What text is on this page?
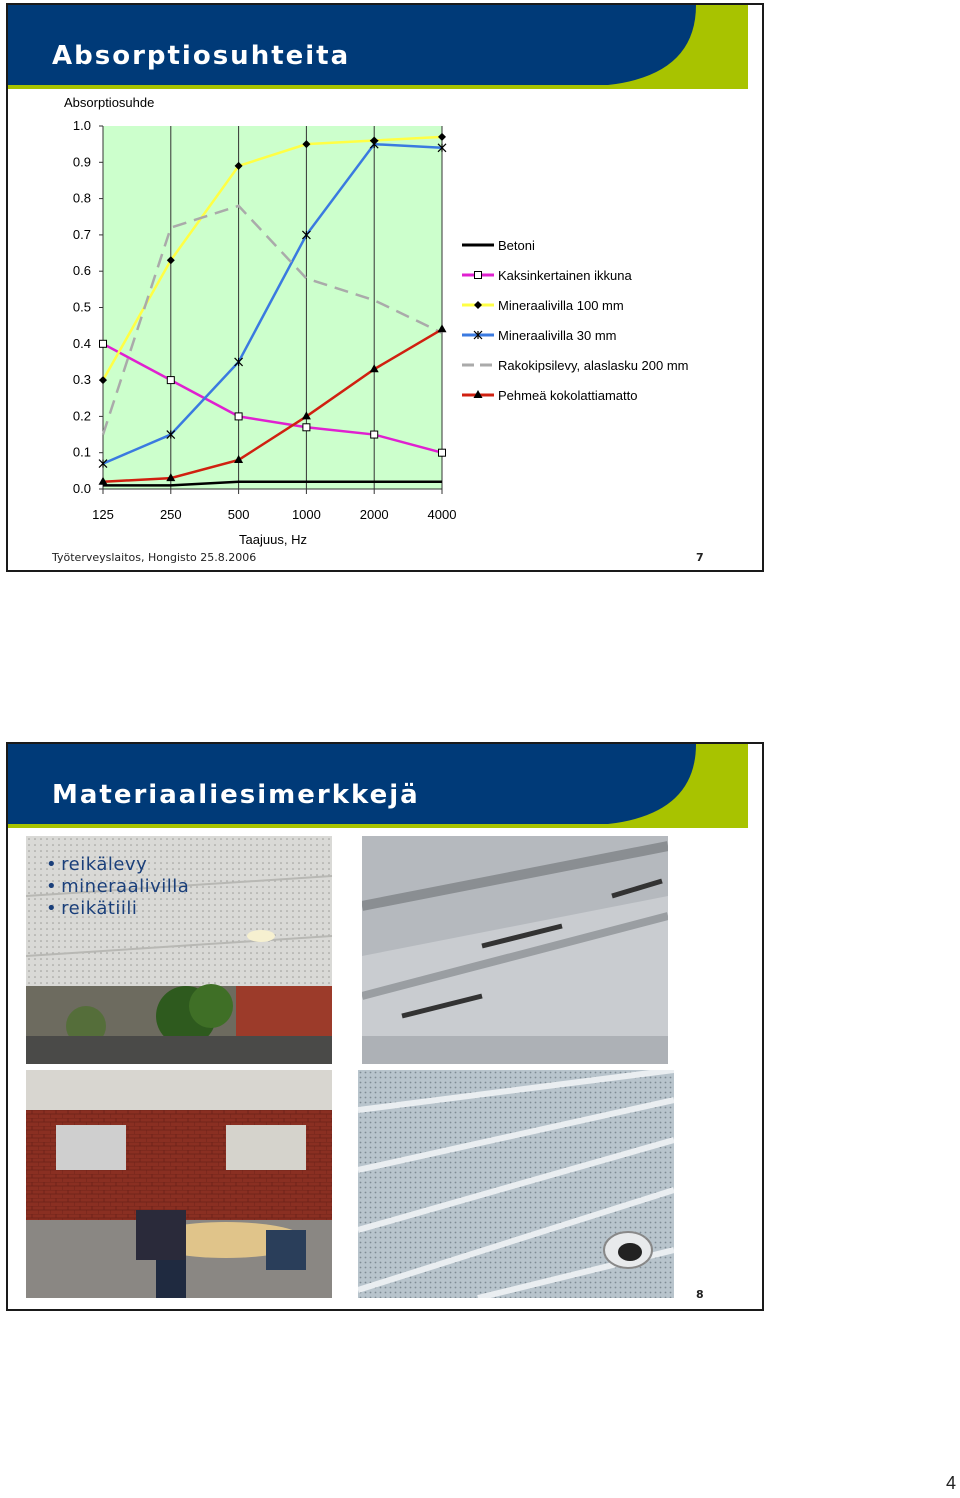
Absorptiosuhteita
Absorptiosuhde
0.0
0.1
0.2
0.3
0.4
0.5
0.6
0.7
0.8
0.9
1.0
125	250	500	1000	2000	4000
Taajuus, Hz
Betoni
Kaksinkertainen ikkuna
Mineraalivilla 100 mm
Mineraalivilla 30 mm
Rakokipsilevy, alaslasku 200 mm
Pehmeä kokolattiamatto
Työterveyslaitos, Hongisto 25.8.2006	7
Materiaaliesimerkkejä
• reikälevy
• mineraalivilla
• reikätiili
8
4
